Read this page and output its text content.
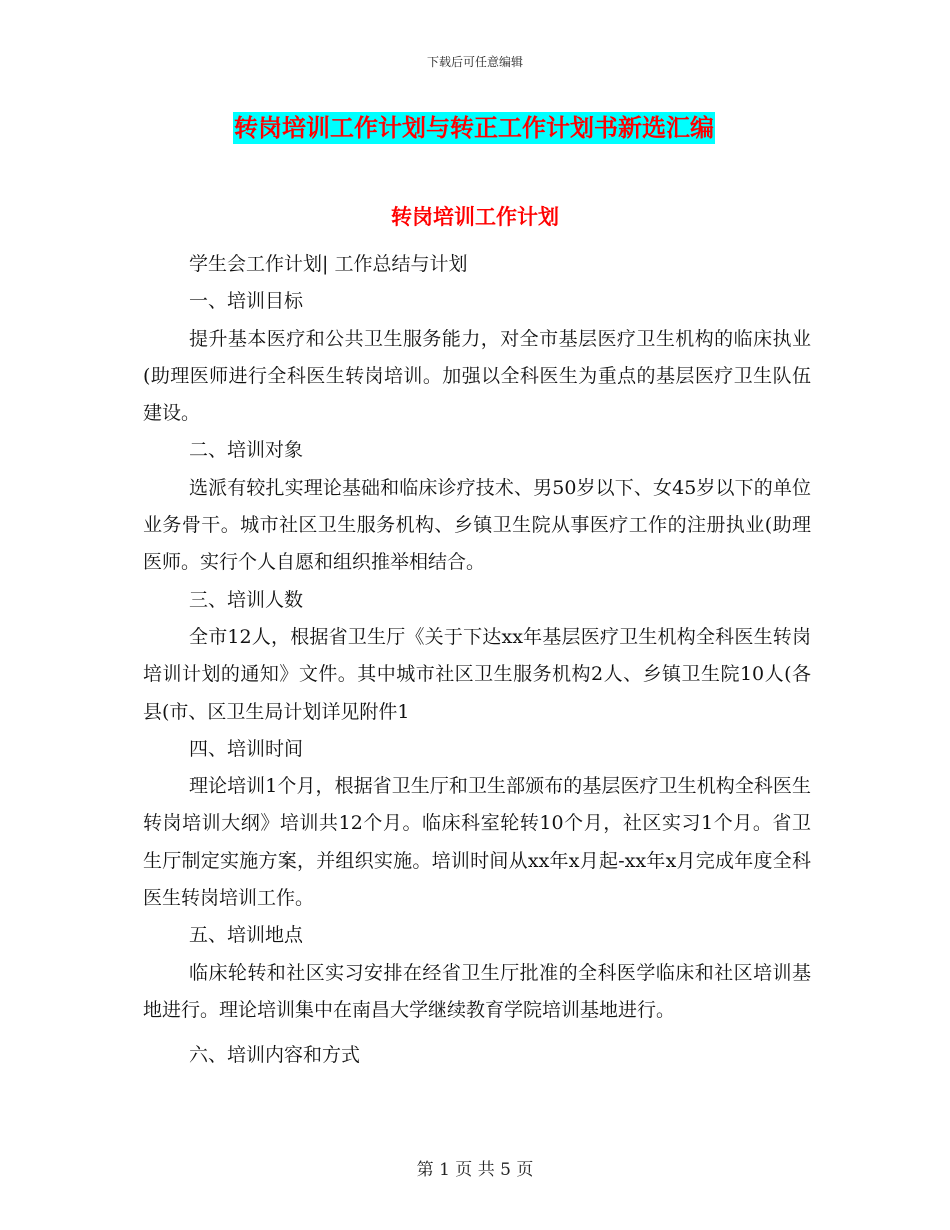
下载后可任意编辑
转岗培训工作计划与转正工作计划书新选汇编
转岗培训工作计划

学生会工作计划| 工作总结与计划

一、培训目标

提升基本医疗和公共卫生服务能力，对全市基层医疗卫生机构的临床执业(助理医师进行全科医生转岗培训。加强以全科医生为重点的基层医疗卫生队伍建设。

二、培训对象

选派有较扎实理论基础和临床诊疗技术、男50岁以下、女45岁以下的单位业务骨干。城市社区卫生服务机构、乡镇卫生院从事医疗工作的注册执业(助理医师。实行个人自愿和组织推举相结合。

三、培训人数

全市12人，根据省卫生厅《关于下达xx年基层医疗卫生机构全科医生转岗培训计划的通知》文件。其中城市社区卫生服务机构2人、乡镇卫生院10人(各县(市、区卫生局计划详见附件1

四、培训时间

理论培训1个月，根据省卫生厅和卫生部颁布的基层医疗卫生机构全科医生转岗培训大纲》培训共12个月。临床科室轮转10个月，社区实习1个月。省卫生厅制定实施方案，并组织实施。培训时间从xx年x月起-xx年x月完成年度全科医生转岗培训工作。

五、培训地点

临床轮转和社区实习安排在经省卫生厅批准的全科医学临床和社区培训基地进行。理论培训集中在南昌大学继续教育学院培训基地进行。

六、培训内容和方式

第 1 页 共 5 页
